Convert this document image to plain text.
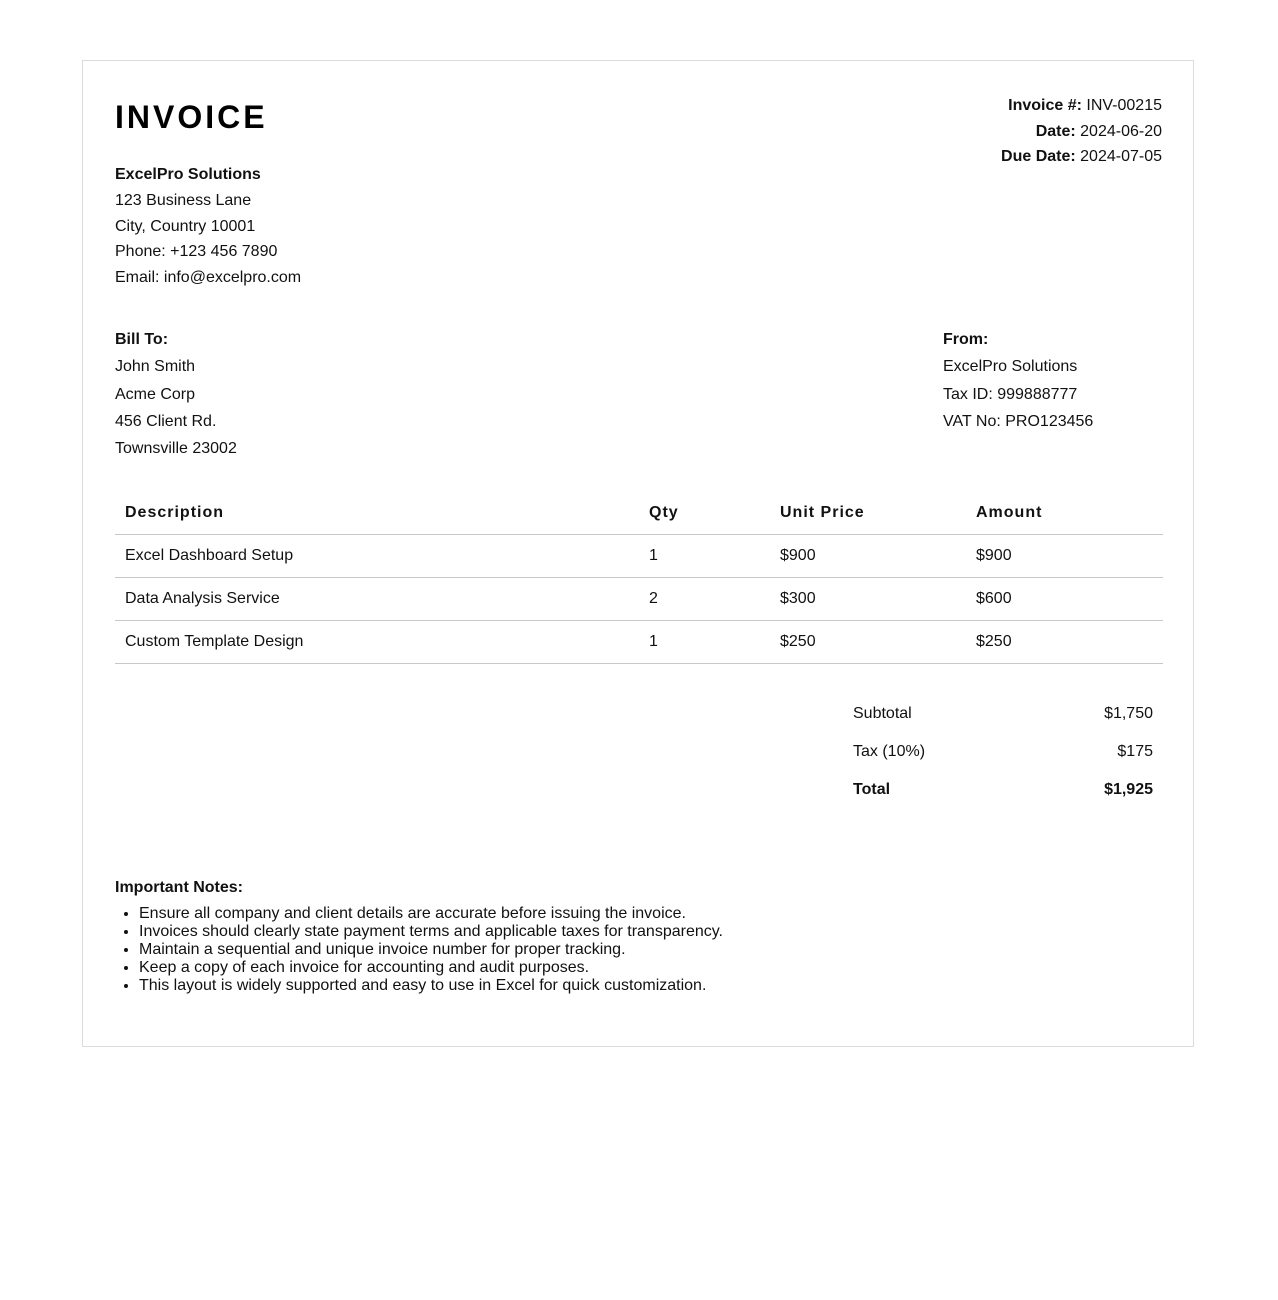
INVOICE
ExcelPro Solutions
123 Business Lane
City, Country 10001
Phone: +123 456 7890
Email: info@excelpro.com
Invoice #: INV-00215
Date: 2024-06-20
Due Date: 2024-07-05
Bill To:
John Smith
Acme Corp
456 Client Rd.
Townsville 23002
From:
ExcelPro Solutions
Tax ID: 999888777
VAT No: PRO123456
Description	Qty	Unit Price	Amount
Excel Dashboard Setup	1	$900	$900
Data Analysis Service	2	$300	$600
Custom Template Design	1	$250	$250
Subtotal	$1,750
Tax (10%)	$175
Total	$1,925
Important Notes:
• Ensure all company and client details are accurate before issuing the invoice.
• Invoices should clearly state payment terms and applicable taxes for transparency.
• Maintain a sequential and unique invoice number for proper tracking.
• Keep a copy of each invoice for accounting and audit purposes.
• This layout is widely supported and easy to use in Excel for quick customization.
